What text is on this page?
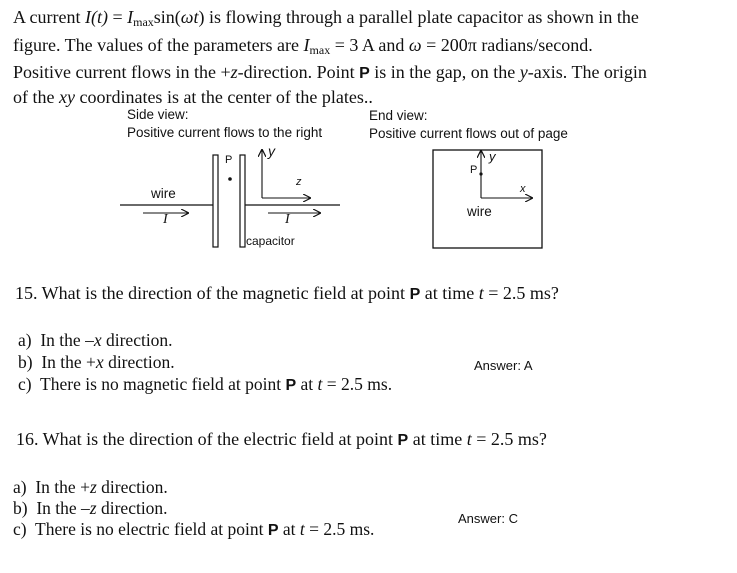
A current $I(t) = I_{max}\sin(\omega t)$ is flowing through a parallel plate capacitor as shown in the
figure. The values of the parameters are $I_{max} = 3$ A and ω = 200π radians/second.
Positive current flows in the +z-direction. Point P is in the gap, on the y-axis. The origin
of the xy coordinates is at the center of the plates..
Side view:
Positive current flows to the right
End view:
Positive current flows out of page
P
y
z
wire
I	I
capacitor
P
y
x
wire
15. What is the direction of the magnetic field at point P at time t = 2.5 ms?
a) In the –x direction.
b) In the +x direction.
c) There is no magnetic field at point P at t = 2.5 ms.
Answer: A
16. What is the direction of the electric field at point P at time t = 2.5 ms?
a) In the +z direction.
b) In the –z direction.
c) There is no electric field at point P at t = 2.5 ms.
Answer: C
